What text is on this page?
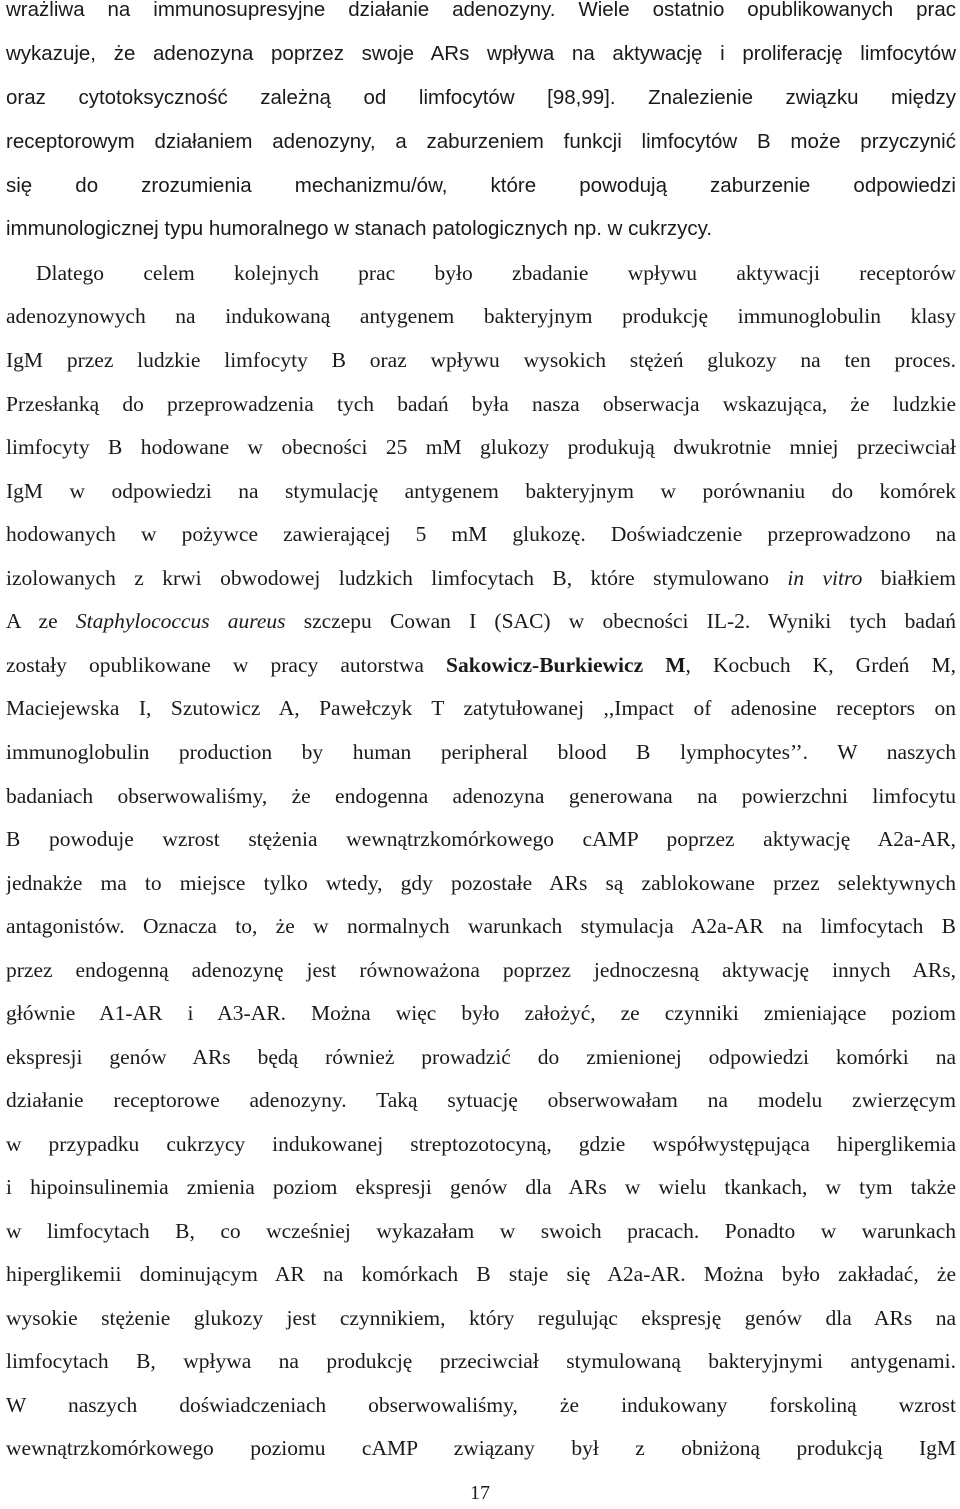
wrażliwa na immunosupresyjne działanie adenozyny. Wiele ostatnio opublikowanych prac
wykazuje, że adenozyna poprzez swoje ARs wpływa na aktywację i proliferację limfocytów
oraz cytotoksyczność zależną od limfocytów [98,99]. Znalezienie związku między
receptorowym działaniem adenozyny, a zaburzeniem funkcji limfocytów B może przyczynić
się do zrozumienia mechanizmu/ów, które powodują zaburzenie odpowiedzi
immunologicznej typu humoralnego w stanach patologicznych np. w cukrzycy.
Dlatego celem kolejnych prac było zbadanie wpływu aktywacji receptorów
adenozynowych na indukowaną antygenem bakteryjnym produkcję immunoglobulin klasy
IgM przez ludzkie limfocyty B oraz wpływu wysokich stężeń glukozy na ten proces.
Przesłanką do przeprowadzenia tych badań była nasza obserwacja wskazująca, że ludzkie
limfocyty B hodowane w obecności 25 mM glukozy produkują dwukrotnie mniej przeciwciał
IgM w odpowiedzi na stymulację antygenem bakteryjnym w porównaniu do komórek
hodowanych w pożywce zawierającej 5 mM glukozę. Doświadczenie przeprowadzono na
izolowanych z krwi obwodowej ludzkich limfocytach B, które stymulowano in vitro białkiem
A ze Staphylococcus aureus szczepu Cowan I (SAC) w obecności IL-2. Wyniki tych badań
zostały opublikowane w pracy autorstwa Sakowicz-Burkiewicz M, Kocbuch K, Grdeń M,
Maciejewska I, Szutowicz A, Pawełczyk T zatytułowanej ,,Impact of adenosine receptors on
immunoglobulin production by human peripheral blood B lymphocytes’’. W naszych
badaniach obserwowaliśmy, że endogenna adenozyna generowana na powierzchni limfocytu
B powoduje wzrost stężenia wewnątrzkomórkowego cAMP poprzez aktywację A2a-AR,
jednakże ma to miejsce tylko wtedy, gdy pozostałe ARs są zablokowane przez selektywnych
antagonistów. Oznacza to, że w normalnych warunkach stymulacja A2a-AR na limfocytach B
przez endogenną adenozynę jest równoważona poprzez jednoczesną aktywację innych ARs,
głównie A1-AR i A3-AR. Można więc było założyć, ze czynniki zmieniające poziom
ekspresji genów ARs będą również prowadzić do zmienionej odpowiedzi komórki na
działanie receptorowe adenozyny. Taką sytuację obserwowałam na modelu zwierzęcym
w przypadku cukrzycy indukowanej streptozotocyną, gdzie współwystępująca hiperglikemia
i hipoinsulinemia zmienia poziom ekspresji genów dla ARs w wielu tkankach, w tym także
w limfocytach B, co wcześniej wykazałam w swoich pracach. Ponadto w warunkach
hiperglikemii dominującym AR na komórkach B staje się A2a-AR. Można było zakładać, że
wysokie stężenie glukozy jest czynnikiem, który regulując ekspresję genów dla ARs na
limfocytach B, wpływa na produkcję przeciwciał stymulowaną bakteryjnymi antygenami.
W naszych doświadczeniach obserwowaliśmy, że indukowany forskoliną wzrost
wewnątrzkomórkowego poziomu cAMP związany był z obniżoną produkcją IgM
17
